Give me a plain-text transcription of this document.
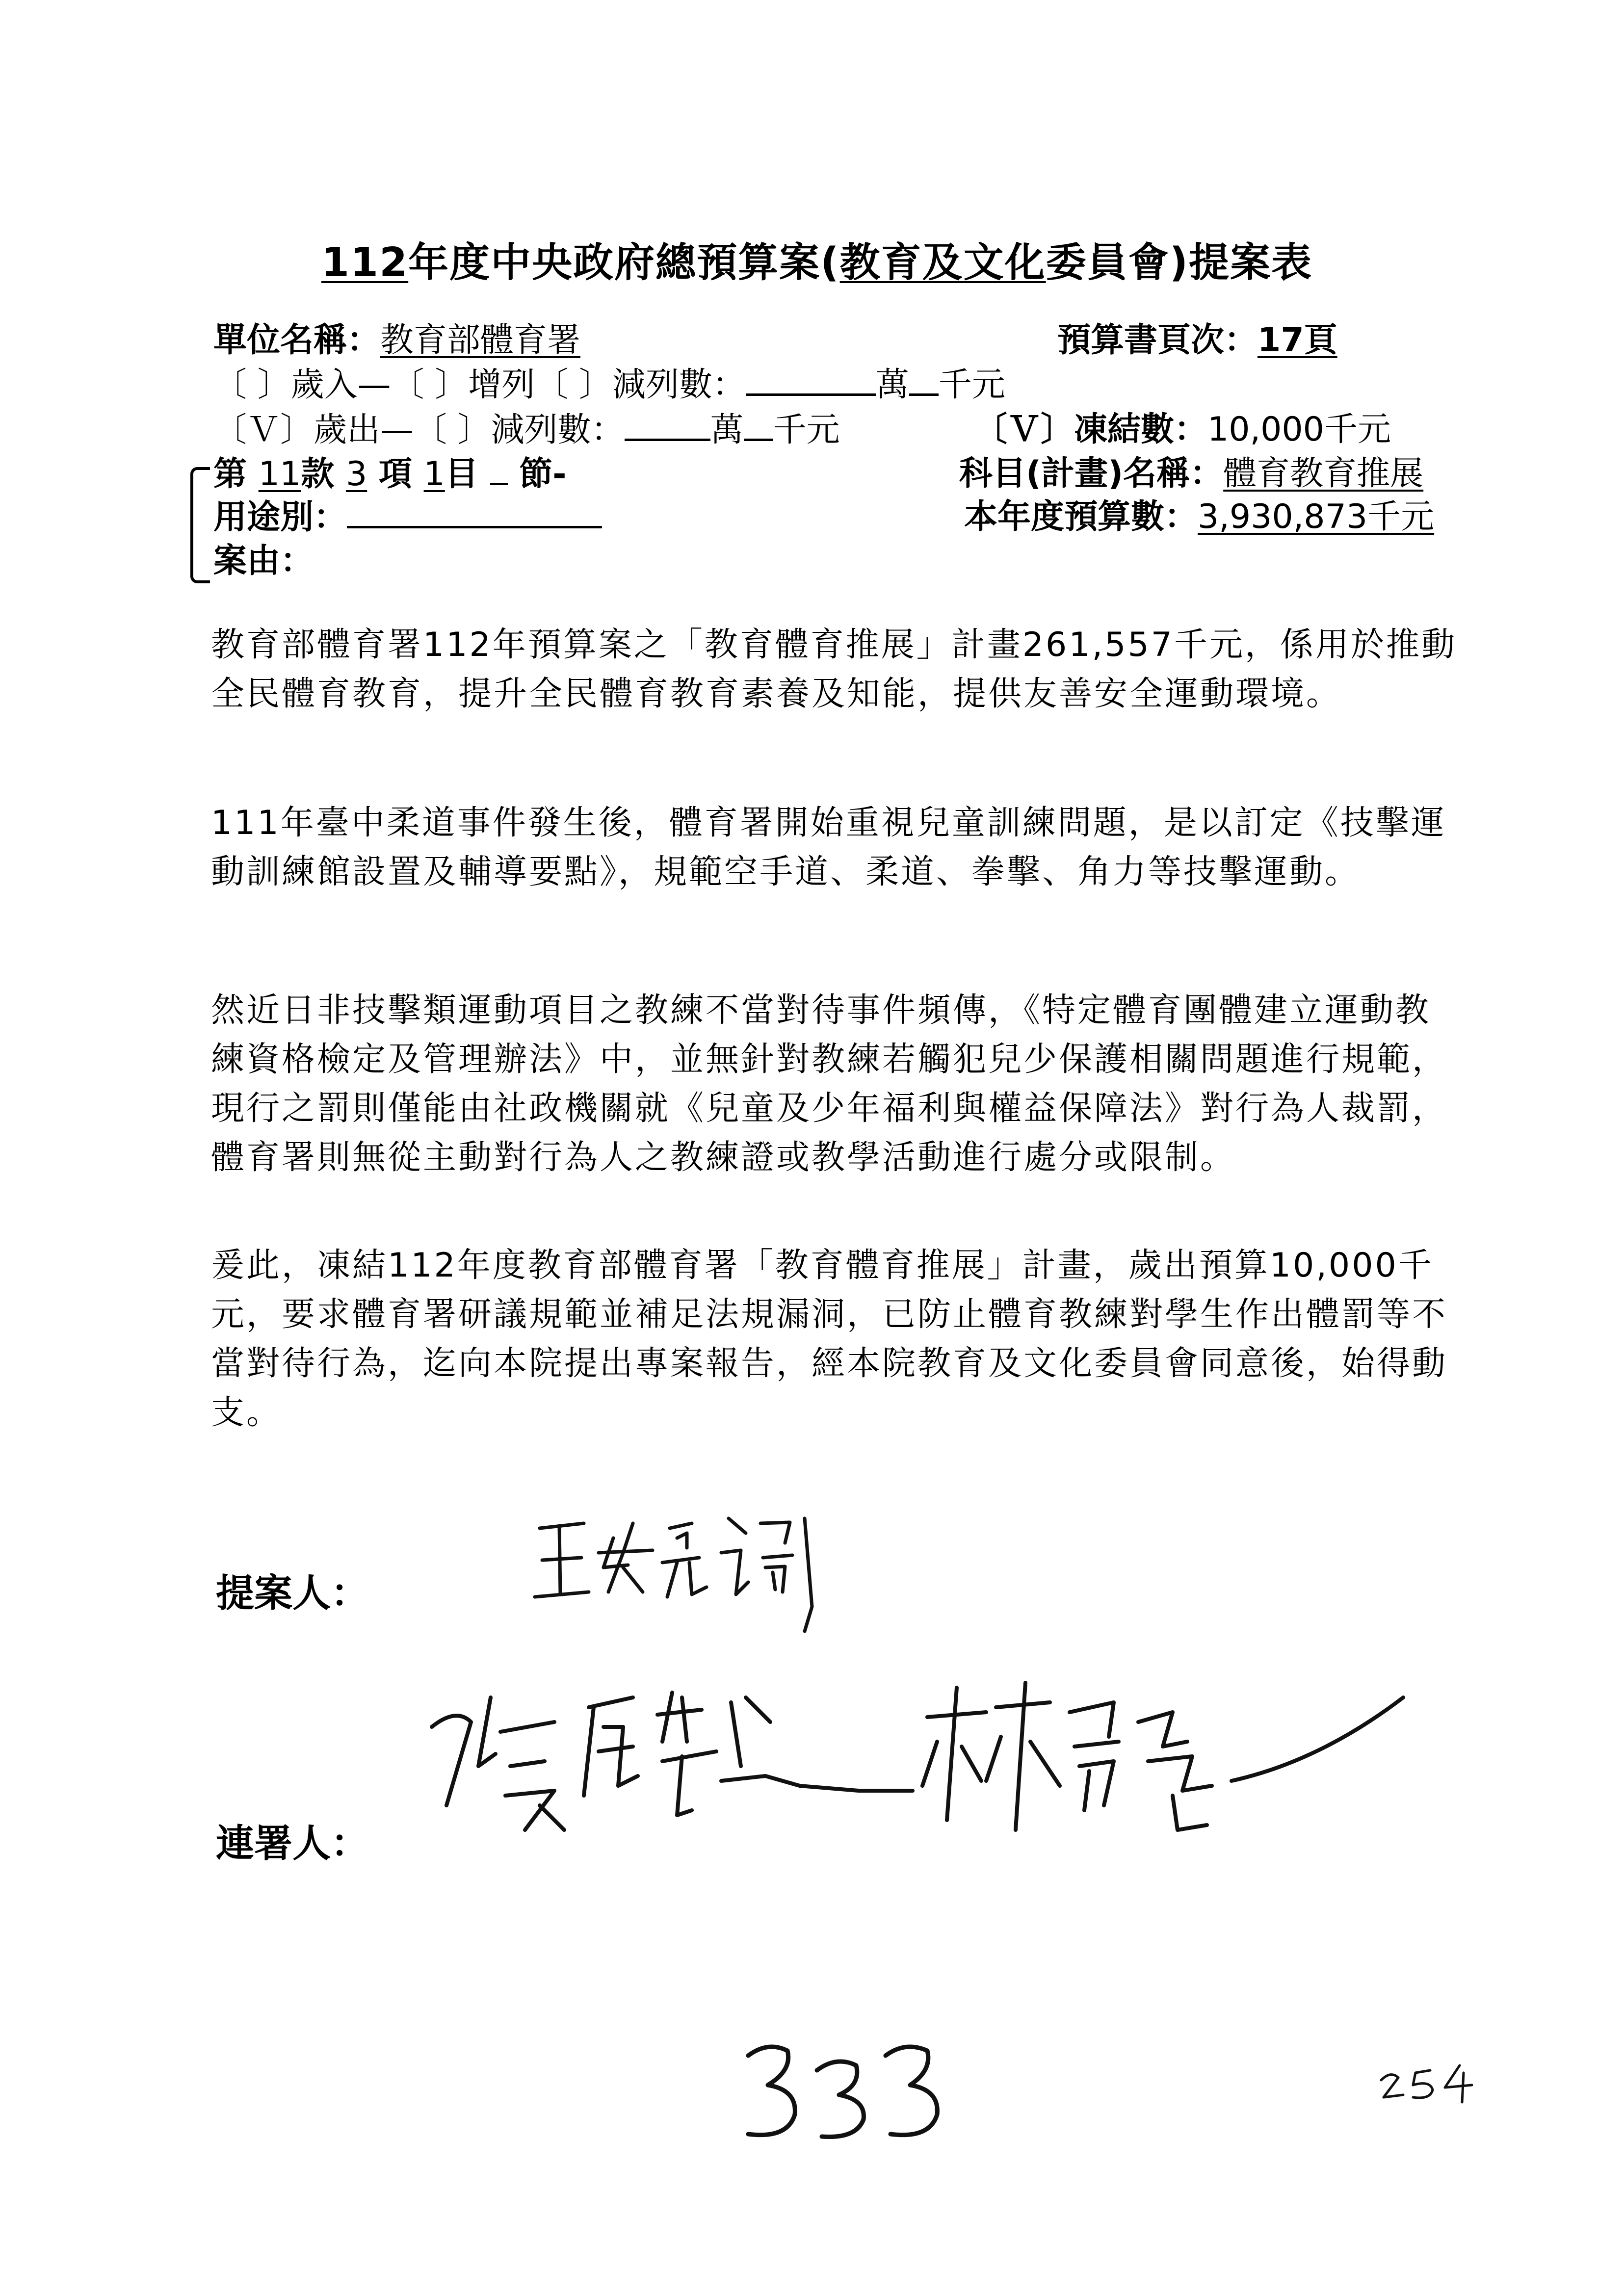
112年度中央政府總預算案(教育及文化委員會)提案表
單位名稱：教育部體育署	預算書頁次：17頁
〔 〕歲入—〔 〕增列〔 〕減列數：	萬 千元
〔Ｖ〕歲出—〔 〕減列數：	萬 千元	〔Ｖ〕凍結數：10,000千元
第 11款 3 項 1目 節-	科目(計畫)名稱：體育教育推展
用途別：	本年度預算數：3,930,873千元
案由：
教育部體育署112年預算案之「教育體育推展」計畫261,557千元，係用於推動全民體育教育，提升全民體育教育素養及知能，提供友善安全運動環境。
111年臺中柔道事件發生後，體育署開始重視兒童訓練問題，是以訂定《技擊運動訓練館設置及輔導要點》，規範空手道、柔道、拳擊、角力等技擊運動。
然近日非技擊類運動項目之教練不當對待事件頻傳，《特定體育團體建立運動教練資格檢定及管理辦法》中，並無針對教練若觸犯兒少保護相關問題進行規範，現行之罰則僅能由社政機關就《兒童及少年福利與權益保障法》對行為人裁罰，體育署則無從主動對行為人之教練證或教學活動進行處分或限制。
爰此，凍結112年度教育部體育署「教育體育推展」計畫，歲出預算10,000千元，要求體育署研議規範並補足法規漏洞，已防止體育教練對學生作出體罰等不當對待行為，迄向本院提出專案報告，經本院教育及文化委員會同意後，始得動支。
提案人：
連署人：
